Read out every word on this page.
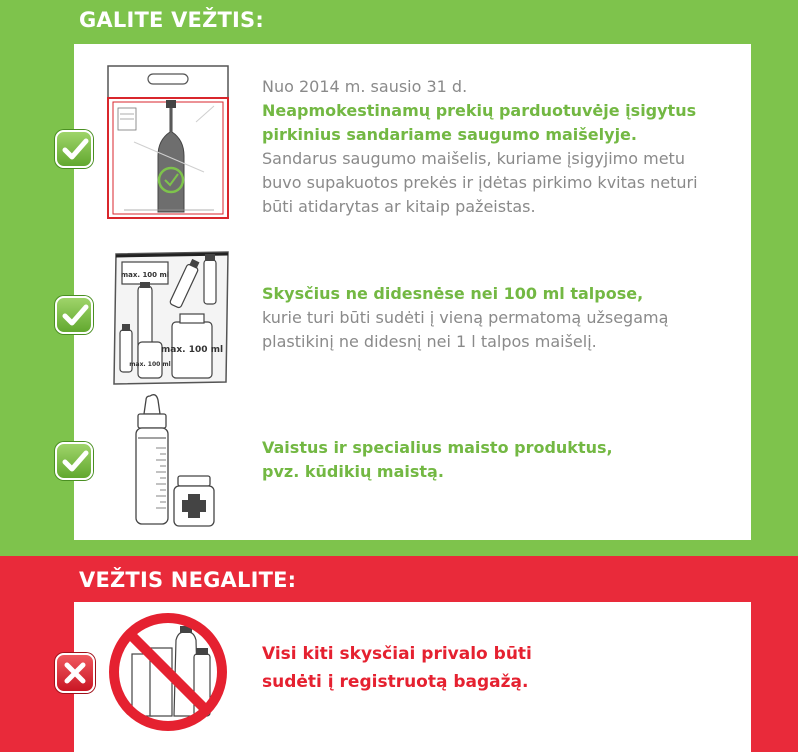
GALITE VEŽTIS:
Nuo 2014 m. sausio 31 d.
Neapmokestinamų prekių parduotuvėje įsigytus
pirkinius sandariame saugumo maišelyje.
Sandarus saugumo maišelis, kuriame įsigyjimo metu
buvo supakuotos prekės ir įdėtas pirkimo kvitas neturi
būti atidarytas ar kitaip pažeistas.
max. 100 ml
max. 100 ml
max. 100 ml
Skysčius ne didesnėse nei 100 ml talpose,
kurie turi būti sudėti į vieną permatomą užsegamą
plastikinį ne didesnį nei 1 l talpos maišelį.
Vaistus ir specialius maisto produktus,
pvz. kūdikių maistą.
VEŽTIS NEGALITE:
Visi kiti skysčiai privalo būti
sudėti į registruotą bagažą.
